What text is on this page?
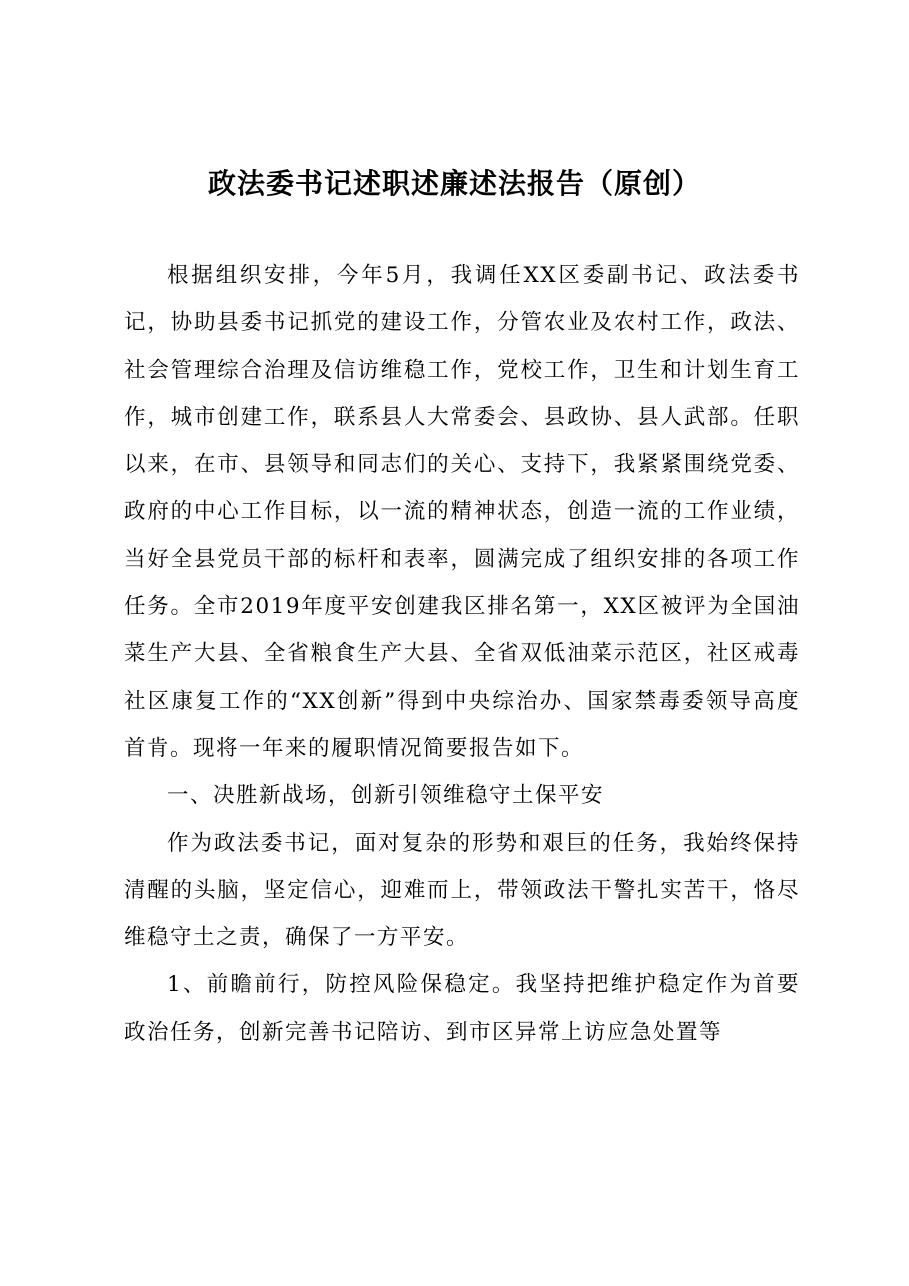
政法委书记述职述廉述法报告（原创）

根据组织安排，今年5月，我调任XX区委副书记、政法委书记，协助县委书记抓党的建设工作，分管农业及农村工作，政法、社会管理综合治理及信访维稳工作，党校工作，卫生和计划生育工作，城市创建工作，联系县人大常委会、县政协、县人武部。任职以来，在市、县领导和同志们的关心、支持下，我紧紧围绕党委、政府的中心工作目标，以一流的精神状态，创造一流的工作业绩，当好全县党员干部的标杆和表率，圆满完成了组织安排的各项工作任务。全市2019年度平安创建我区排名第一，XX区被评为全国油菜生产大县、全省粮食生产大县、全省双低油菜示范区，社区戒毒社区康复工作的“XX创新”得到中央综治办、国家禁毒委领导高度首肯。现将一年来的履职情况简要报告如下。

一、决胜新战场，创新引领维稳守土保平安

作为政法委书记，面对复杂的形势和艰巨的任务，我始终保持清醒的头脑，坚定信心，迎难而上，带领政法干警扎实苦干，恪尽维稳守土之责，确保了一方平安。

1、前瞻前行，防控风险保稳定。我坚持把维护稳定作为首要政治任务，创新完善书记陪访、到市区异常上访应急处置等
